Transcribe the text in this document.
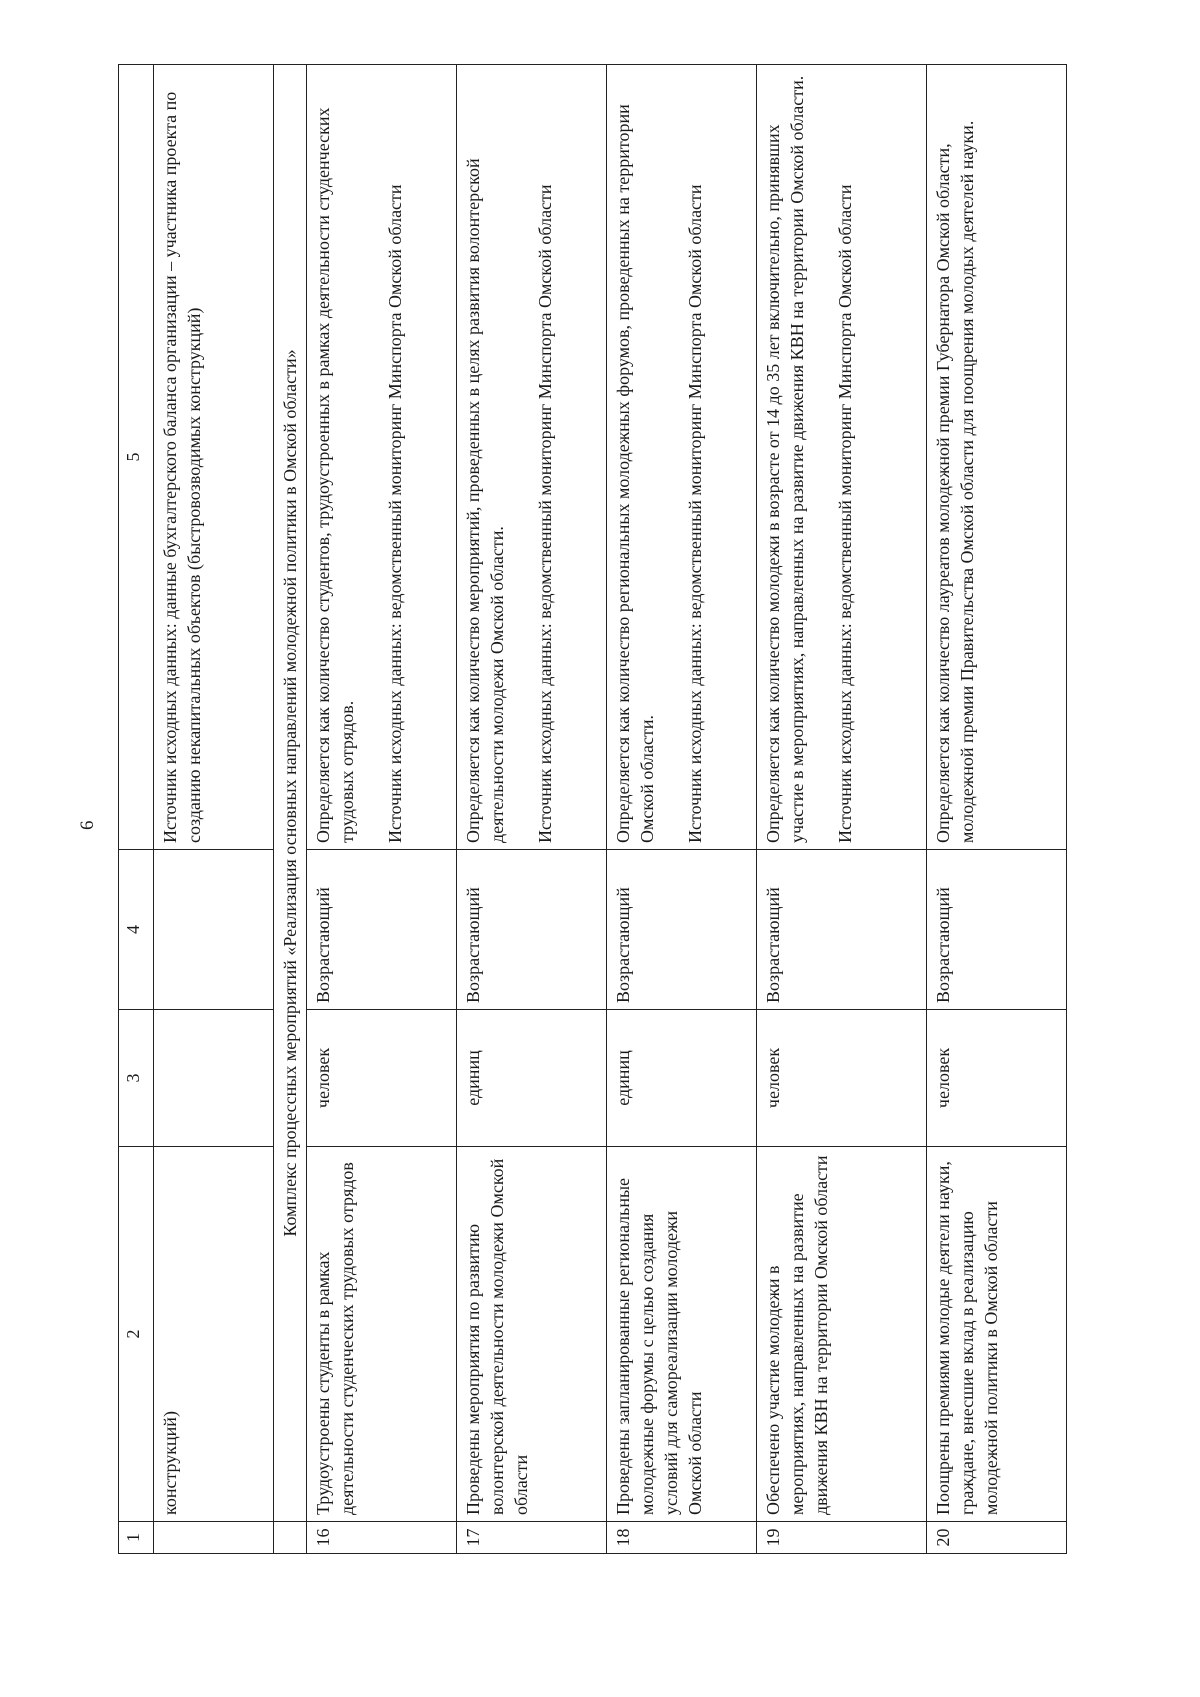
6
1	2	3	4	5
	конструкций)			Источник исходных данных: данные бухгалтерского баланса организации – участника проекта по созданию некапитальных объектов (быстровозводимых конструкций)
	Комплекс процессных мероприятий «Реализация основных направлений молодежной политики в Омской области»			
16	Трудоустроены студенты в рамках деятельности студенческих трудовых отрядов	человек	Возрастающий	Определяется как количество студентов, трудоустроенных в рамках деятельности студенческих трудовых отрядов. Источник исходных данных: ведомственный мониторинг Минспорта Омской области

17	Проведены мероприятия по развитию волонтерской деятельности молодежи Омской области	единиц	Возрастающий	Определяется как количество мероприятий, проведенных в целях развития волонтерской деятельности молодежи Омской области. Источник исходных данных: ведомственный мониторинг Минспорта Омской области

18	Проведены запланированные региональные молодежные форумы с целью создания условий для самореализации молодежи Омской области	единиц	Возрастающий	Определяется как количество региональных молодежных форумов, проведенных на территории Омской области. Источник исходных данных: ведомственный мониторинг Минспорта Омской области

19	Обеспечено участие молодежи в мероприятиях, направленных на развитие движения КВН на территории Омской области	человек	Возрастающий	Определяется как количество молодежи в возрасте от 14 до 35 лет включительно, принявших участие в мероприятиях, направленных на развитие движения КВН на территории Омской области. Источник исходных данных: ведомственный мониторинг Минспорта Омской области

20	Поощрены премиями молодые деятели науки, граждане, внесшие вклад в реализацию молодежной политики в Омской области	человек	Возрастающий	Определяется как количество лауреатов молодежной премии Губернатора Омской области, молодежной премии Правительства Омской области для поощрения молодых деятелей науки.
